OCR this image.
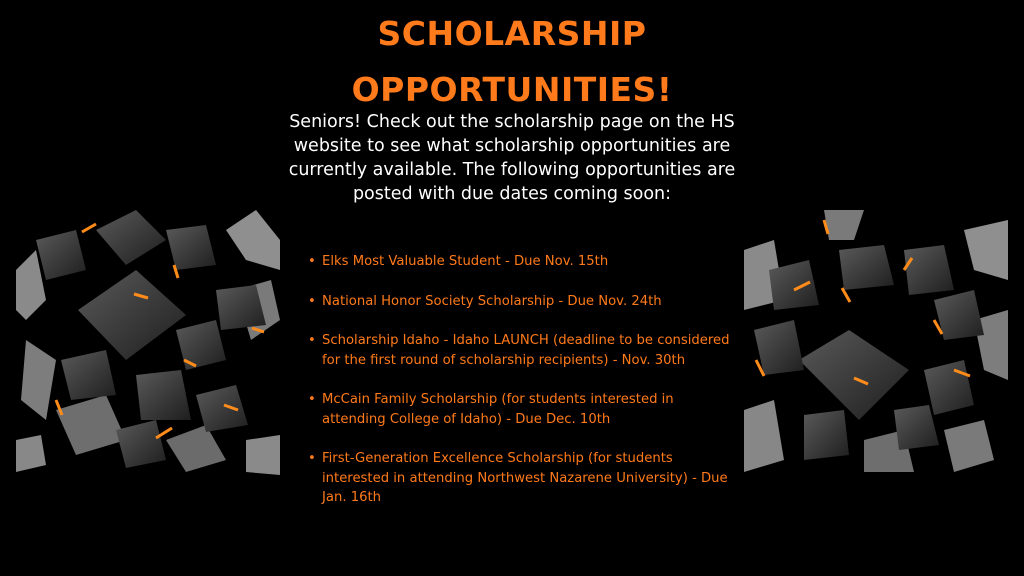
SCHOLARSHIP
OPPORTUNITIES!
Seniors! Check out the scholarship page on the HS website to see what scholarship opportunities are currently available. The following opportunities are posted with due dates coming soon:
• Elks Most Valuable Student - Due Nov. 15th
• National Honor Society Scholarship - Due Nov. 24th
• Scholarship Idaho - Idaho LAUNCH (deadline to be considered for the first round of scholarship recipients) - Nov. 30th
• McCain Family Scholarship (for students interested in attending College of Idaho) - Due Dec. 10th
• First-Generation Excellence Scholarship (for students interested in attending Northwest Nazarene University) - Due Jan. 16th
